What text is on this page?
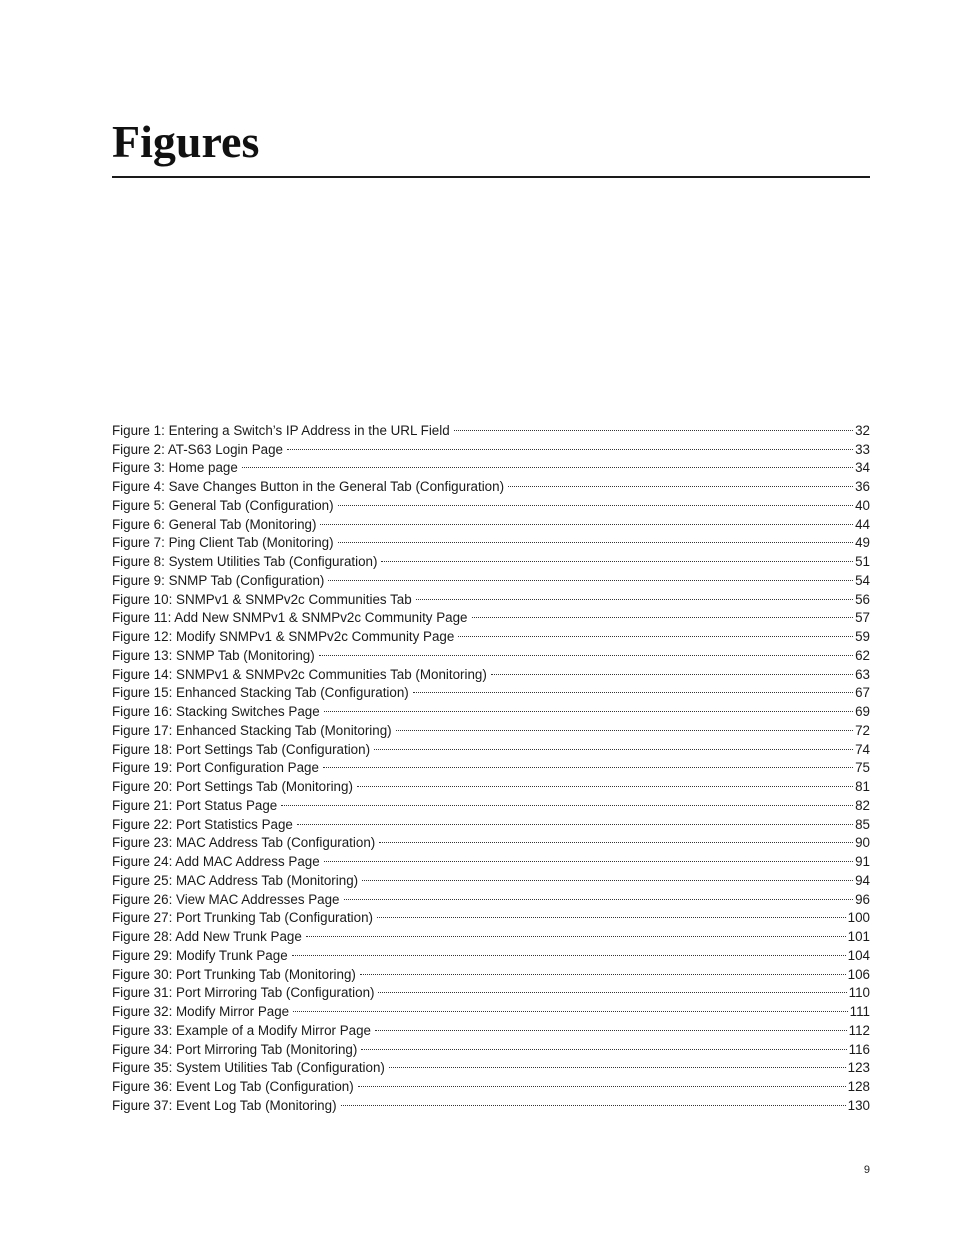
Figures
Figure 1: Entering a Switch’s IP Address in the URL Field	32
Figure 2: AT-S63 Login Page	33
Figure 3: Home page	34
Figure 4: Save Changes Button in the General Tab (Configuration)	36
Figure 5: General Tab (Configuration)	40
Figure 6: General Tab (Monitoring)	44
Figure 7: Ping Client Tab (Monitoring)	49
Figure 8: System Utilities Tab (Configuration)	51
Figure 9: SNMP Tab (Configuration)	54
Figure 10: SNMPv1 & SNMPv2c Communities Tab	56
Figure 11: Add New SNMPv1 & SNMPv2c Community Page	57
Figure 12: Modify SNMPv1 & SNMPv2c Community Page	59
Figure 13: SNMP Tab (Monitoring)	62
Figure 14: SNMPv1 & SNMPv2c Communities Tab (Monitoring)	63
Figure 15: Enhanced Stacking Tab (Configuration)	67
Figure 16: Stacking Switches Page	69
Figure 17: Enhanced Stacking Tab (Monitoring)	72
Figure 18: Port Settings Tab (Configuration)	74
Figure 19: Port Configuration Page	75
Figure 20: Port Settings Tab (Monitoring)	81
Figure 21: Port Status Page	82
Figure 22: Port Statistics Page	85
Figure 23: MAC Address Tab (Configuration)	90
Figure 24: Add MAC Address Page	91
Figure 25: MAC Address Tab (Monitoring)	94
Figure 26: View MAC Addresses Page	96
Figure 27: Port Trunking Tab (Configuration)	100
Figure 28: Add New Trunk Page	101
Figure 29: Modify Trunk Page	104
Figure 30: Port Trunking Tab (Monitoring)	106
Figure 31: Port Mirroring Tab (Configuration)	110
Figure 32: Modify Mirror Page	111
Figure 33: Example of a Modify Mirror Page	112
Figure 34: Port Mirroring Tab (Monitoring)	116
Figure 35: System Utilities Tab (Configuration)	123
Figure 36: Event Log Tab (Configuration)	128
Figure 37: Event Log Tab (Monitoring)	130
9
